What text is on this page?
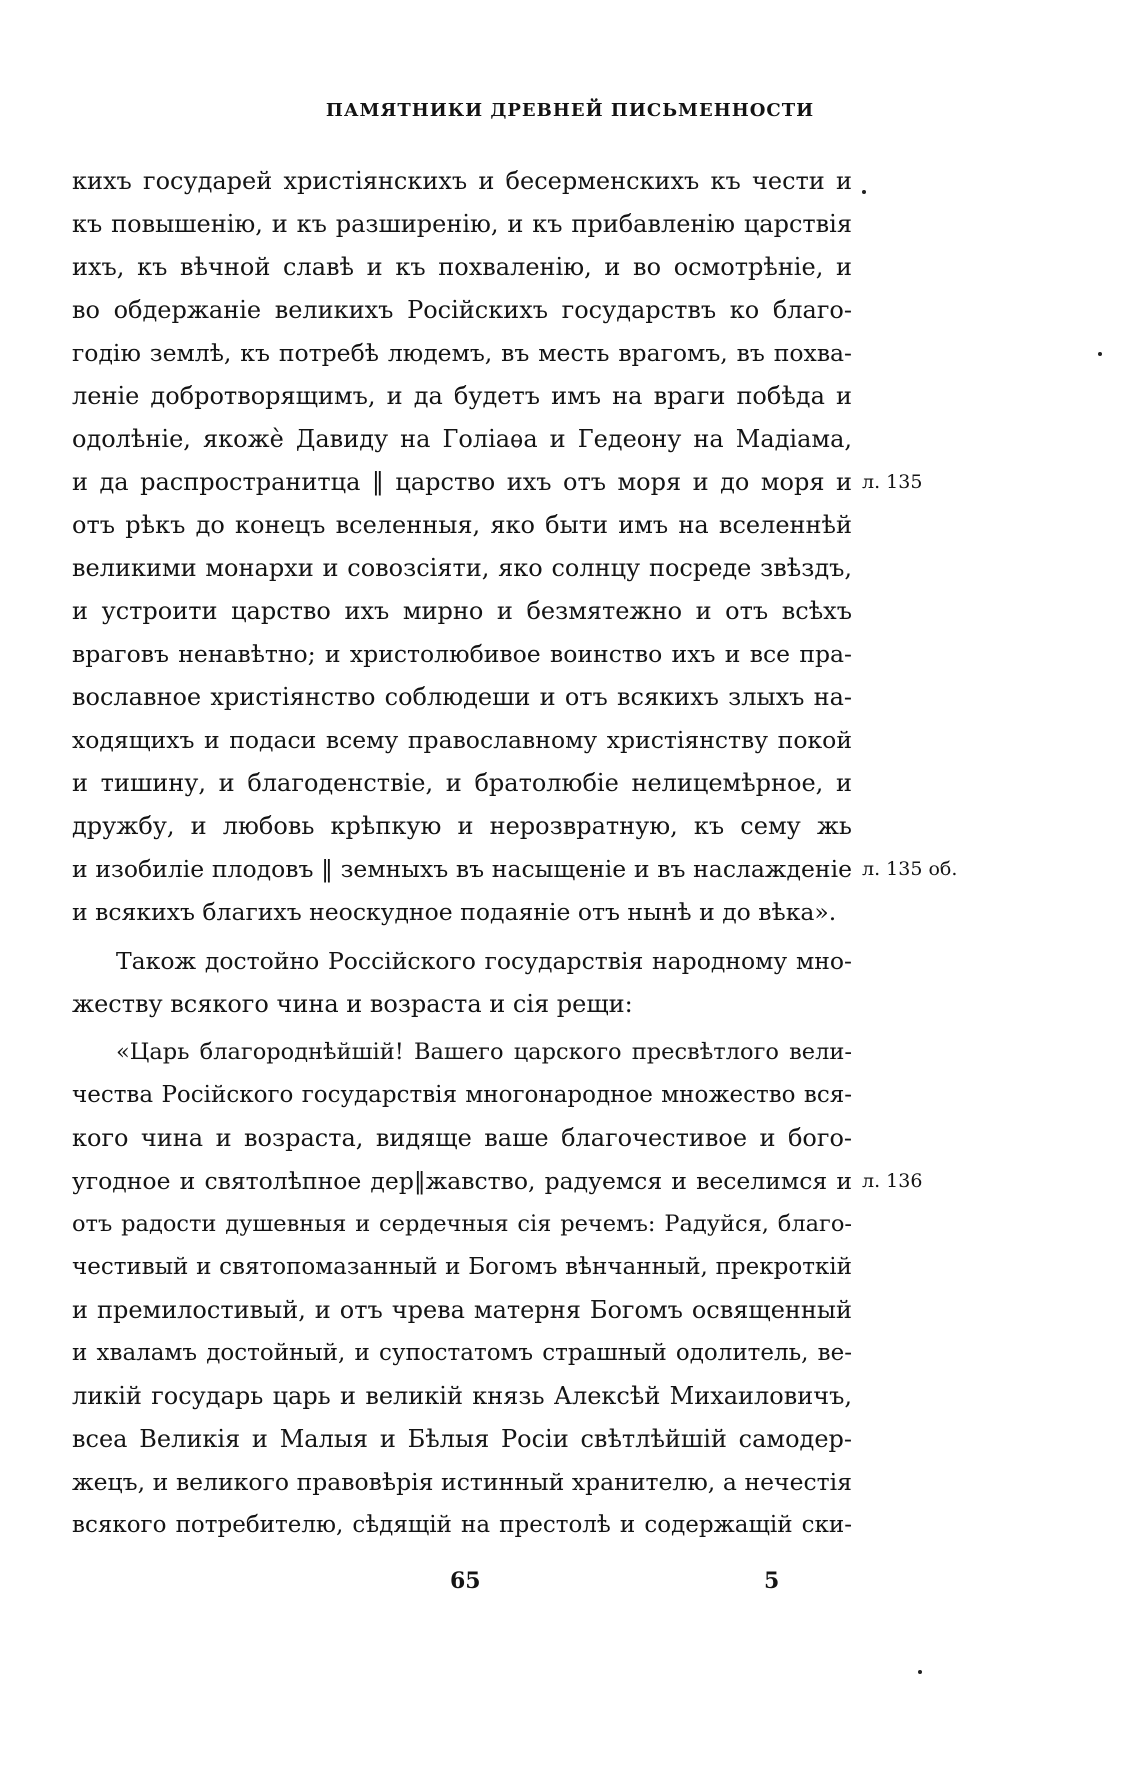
ПАМЯТНИКИ ДРЕВНЕЙ ПИСЬМЕННОСТИ
кихъ государей христіянскихъ и бесерменскихъ къ чести и
къ повышенію, и къ разширенію, и къ прибавленію царствія
ихъ, къ вѣчной славѣ и къ похваленію, и во осмотрѣніе, и
во обдержаніе великихъ Російскихъ государствъ ко благо-
годію землѣ, къ потребѣ людемъ, въ месть врагомъ, въ похва-
леніе добротворящимъ, и да будетъ имъ на враги побѣда и
одолѣніе, якожѐ Давиду на Голіаѳа и Гедеону на Мадіама,
и да распространитца ‖ царство ихъ отъ моря и до моря и
отъ рѣкъ до конецъ вселенныя, яко быти имъ на вселеннѣй
великими монархи и совозсіяти, яко солнцу посреде звѣздъ,
и устроити царство ихъ мирно и безмятежно и отъ всѣхъ
враговъ ненавѣтно; и христолюбивое воинство ихъ и все пра-
вославное христіянство соблюдеши и отъ всякихъ злыхъ на-
ходящихъ и подаси всему православному христіянству покой
и тишину, и благоденствіе, и братолюбіе нелицемѣрное, и
дружбу, и любовь крѣпкую и нерозвратную, къ сему жь
и изобиліе плодовъ ‖ земныхъ въ насыщеніе и въ наслажденіе
и всякихъ благихъ неоскудное подаяніе отъ нынѣ и до вѣка».
Також достойно Россійского государствія народному мно-
жеству всякого чина и возраста и сія рещи:
«Царь благороднѣйшій! Вашего царского пресвѣтлого вели-
чества Російского государствія многонародное множество вся-
кого чина и возраста, видяще ваше благочестивое и бого-
угодное и святолѣпное дер‖жавство, радуемся и веселимся и
отъ радости душевныя и сердечныя сія речемъ: Радуйся, благо-
честивый и святопомазанный и Богомъ вѣнчанный, прекроткій
и премилостивый, и отъ чрева матерня Богомъ освященный
и хваламъ достойный, и супостатомъ страшный одолитель, ве-
ликій государь царь и великій князь Алексѣй Михаиловичъ,
всеа Великія и Малыя и Бѣлыя Росіи свѣтлѣйшій самодер-
жецъ, и великого правовѣрія истинный хранителю, а нечестія
всякого потребителю, сѣдящій на престолѣ и содержащій ски-
л. 135
л. 135 об.
л. 136
65	5
